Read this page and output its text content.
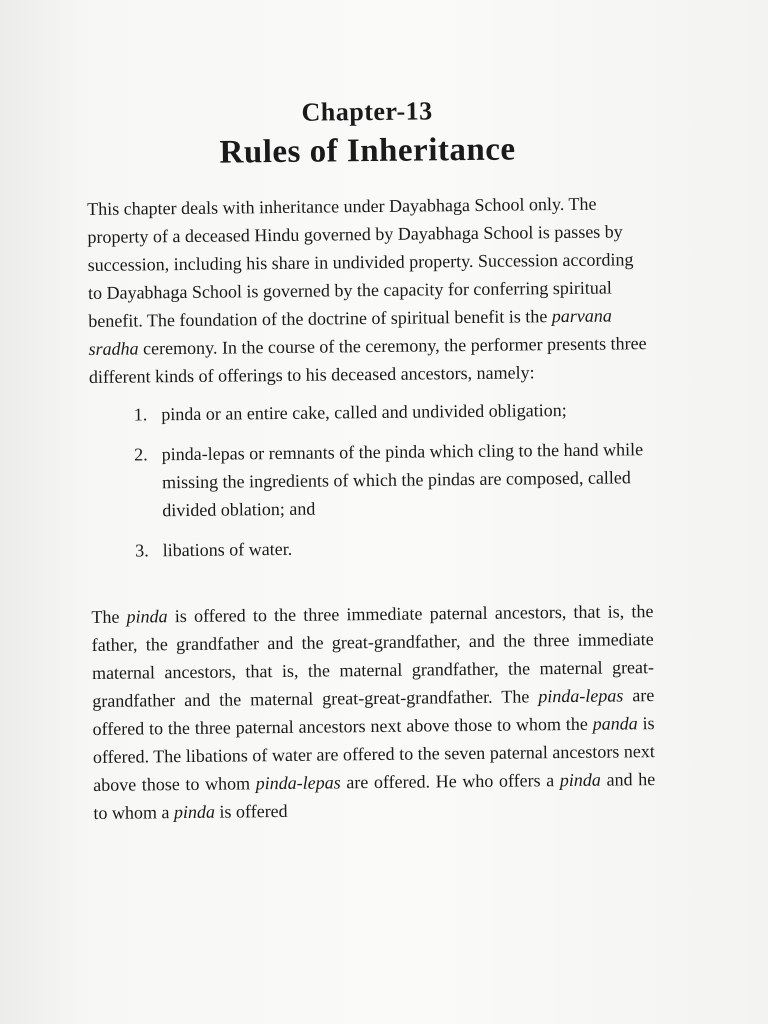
Chapter-13
Rules of Inheritance

This chapter deals with inheritance under Dayabhaga School only. The property of a deceased Hindu governed by Dayabhaga School is passes by succession, including his share in undivided property. Succession according to Dayabhaga School is governed by the capacity for conferring spiritual benefit. The foundation of the doctrine of spiritual benefit is the parvana sradha ceremony. In the course of the ceremony, the performer presents three different kinds of offerings to his deceased ancestors, namely:

1. pinda or an entire cake, called and undivided obligation;
2. pinda-lepas or remnants of the pinda which cling to the hand while missing the ingredients of which the pindas are composed, called divided oblation; and
3. libations of water.

The pinda is offered to the three immediate paternal ancestors, that is, the father, the grandfather and the great-grandfather, and the three immediate maternal ancestors, that is, the maternal grandfather, the maternal great-grandfather and the maternal great-great-grandfather. The pinda-lepas are offered to the three paternal ancestors next above those to whom the panda is offered. The libations of water are offered to the seven paternal ancestors next above those to whom pinda-lepas are offered. He who offers a pinda and he to whom a pinda is offered
